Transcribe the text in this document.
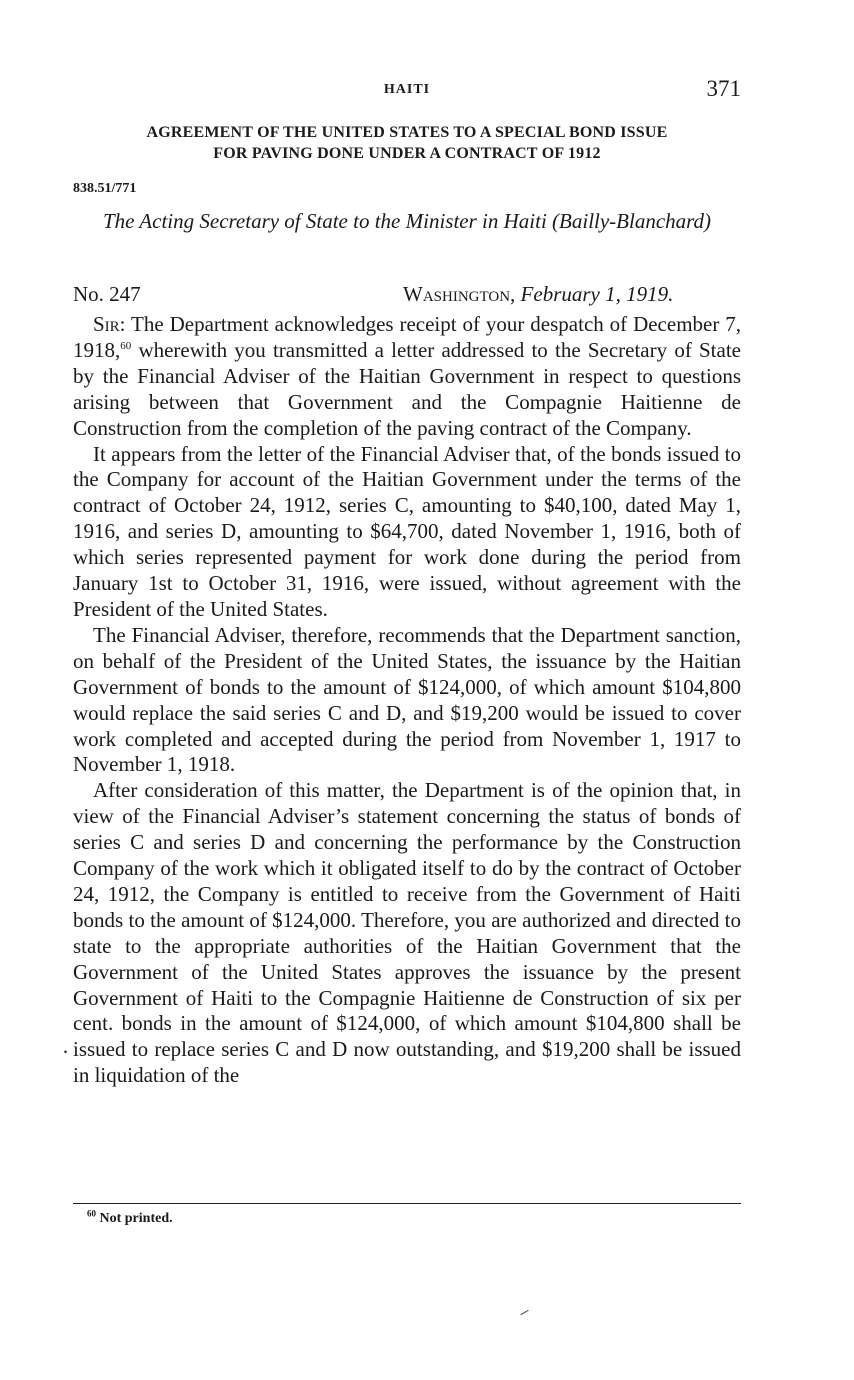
HAITI	371
AGREEMENT OF THE UNITED STATES TO A SPECIAL BOND ISSUE
FOR PAVING DONE UNDER A CONTRACT OF 1912
838.51/771
The Acting Secretary of State to the Minister in Haiti (Bailly-Blanchard)
No. 247	Washington, February 1, 1919.

Sir: The Department acknowledges receipt of your despatch of December 7, 1918,60 wherewith you transmitted a letter addressed to the Secretary of State by the Financial Adviser of the Haitian Government in respect to questions arising between that Government and the Compagnie Haitienne de Construction from the completion of the paving contract of the Company.

It appears from the letter of the Financial Adviser that, of the bonds issued to the Company for account of the Haitian Government under the terms of the contract of October 24, 1912, series C, amounting to $40,100, dated May 1, 1916, and series D, amounting to $64,700, dated November 1, 1916, both of which series represented payment for work done during the period from January 1st to October 31, 1916, were issued, without agreement with the President of the United States.

The Financial Adviser, therefore, recommends that the Department sanction, on behalf of the President of the United States, the issuance by the Haitian Government of bonds to the amount of $124,000, of which amount $104,800 would replace the said series C and D, and $19,200 would be issued to cover work completed and accepted during the period from November 1, 1917 to November 1, 1918.

After consideration of this matter, the Department is of the opinion that, in view of the Financial Adviser’s statement concerning the status of bonds of series C and series D and concerning the performance by the Construction Company of the work which it obligated itself to do by the contract of October 24, 1912, the Company is entitled to receive from the Government of Haiti bonds to the amount of $124,000. Therefore, you are authorized and directed to state to the appropriate authorities of the Haitian Government that the Government of the United States approves the issuance by the present Government of Haiti to the Compagnie Haitienne de Construction of six per cent. bonds in the amount of $124,000, of which amount $104,800 shall be issued to replace series C and D now outstanding, and $19,200 shall be issued in liquidation of the

$^{60}$ Not printed.
·
